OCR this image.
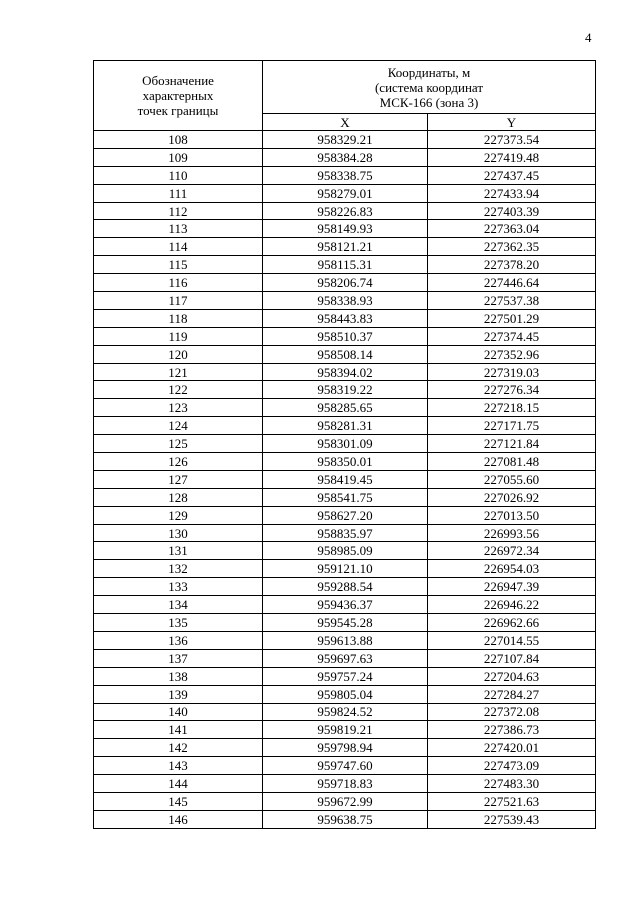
4
Обозначение
характерных
точек границы	Координаты, м
(система координат
МСК-166 (зона 3)	

	X	Y
108	958329.21	227373.54
109	958384.28	227419.48
110	958338.75	227437.45
111	958279.01	227433.94
112	958226.83	227403.39
113	958149.93	227363.04
114	958121.21	227362.35
115	958115.31	227378.20
116	958206.74	227446.64
117	958338.93	227537.38
118	958443.83	227501.29
119	958510.37	227374.45
120	958508.14	227352.96
121	958394.02	227319.03
122	958319.22	227276.34
123	958285.65	227218.15
124	958281.31	227171.75
125	958301.09	227121.84
126	958350.01	227081.48
127	958419.45	227055.60
128	958541.75	227026.92
129	958627.20	227013.50
130	958835.97	226993.56
131	958985.09	226972.34
132	959121.10	226954.03
133	959288.54	226947.39
134	959436.37	226946.22
135	959545.28	226962.66
136	959613.88	227014.55
137	959697.63	227107.84
138	959757.24	227204.63
139	959805.04	227284.27
140	959824.52	227372.08
141	959819.21	227386.73
142	959798.94	227420.01
143	959747.60	227473.09
144	959718.83	227483.30
145	959672.99	227521.63
146	959638.75	227539.43
